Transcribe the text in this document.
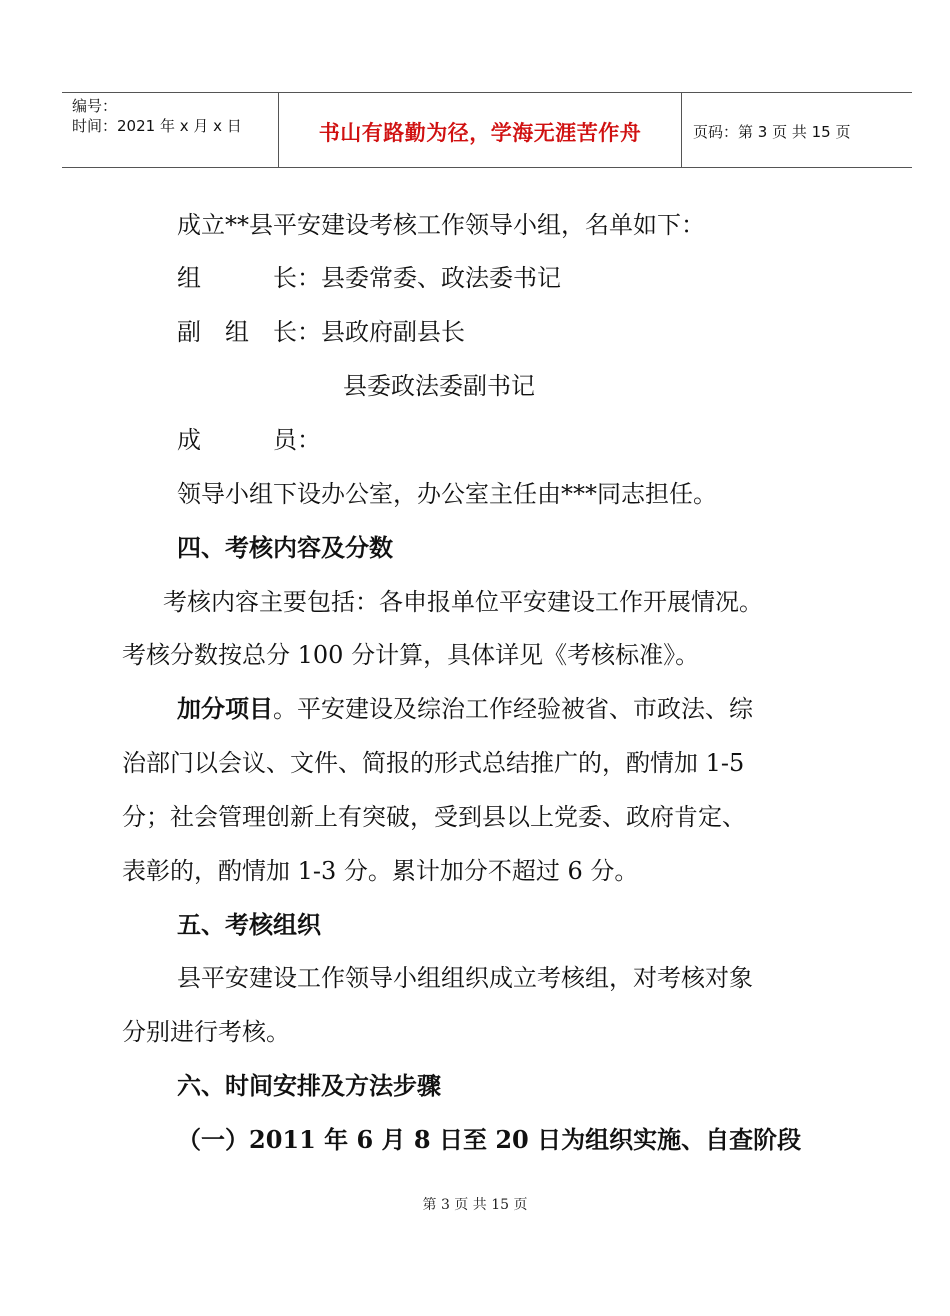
编号：
时间：2021 年 x 月 x 日	书山有路勤为径，学海无涯苦作舟	页码：第 3 页 共 15 页
成立**县平安建设考核工作领导小组，名单如下：
组　　　长：县委常委、政法委书记
副　组　长：县政府副县长
县委政法委副书记
成　　　员：
领导小组下设办公室，办公室主任由***同志担任。
四、考核内容及分数
考核内容主要包括：各申报单位平安建设工作开展情况。
考核分数按总分 100 分计算，具体详见《考核标准》。
加分项目。平安建设及综治工作经验被省、市政法、综
治部门以会议、文件、简报的形式总结推广的，酌情加 1-5
分；社会管理创新上有突破，受到县以上党委、政府肯定、
表彰的，酌情加 1-3 分。累计加分不超过 6 分。
五、考核组织
县平安建设工作领导小组组织成立考核组，对考核对象
分别进行考核。
六、时间安排及方法步骤
（一）2011 年 6 月 8 日至 20 日为组织实施、自查阶段
第 3 页 共 15 页
